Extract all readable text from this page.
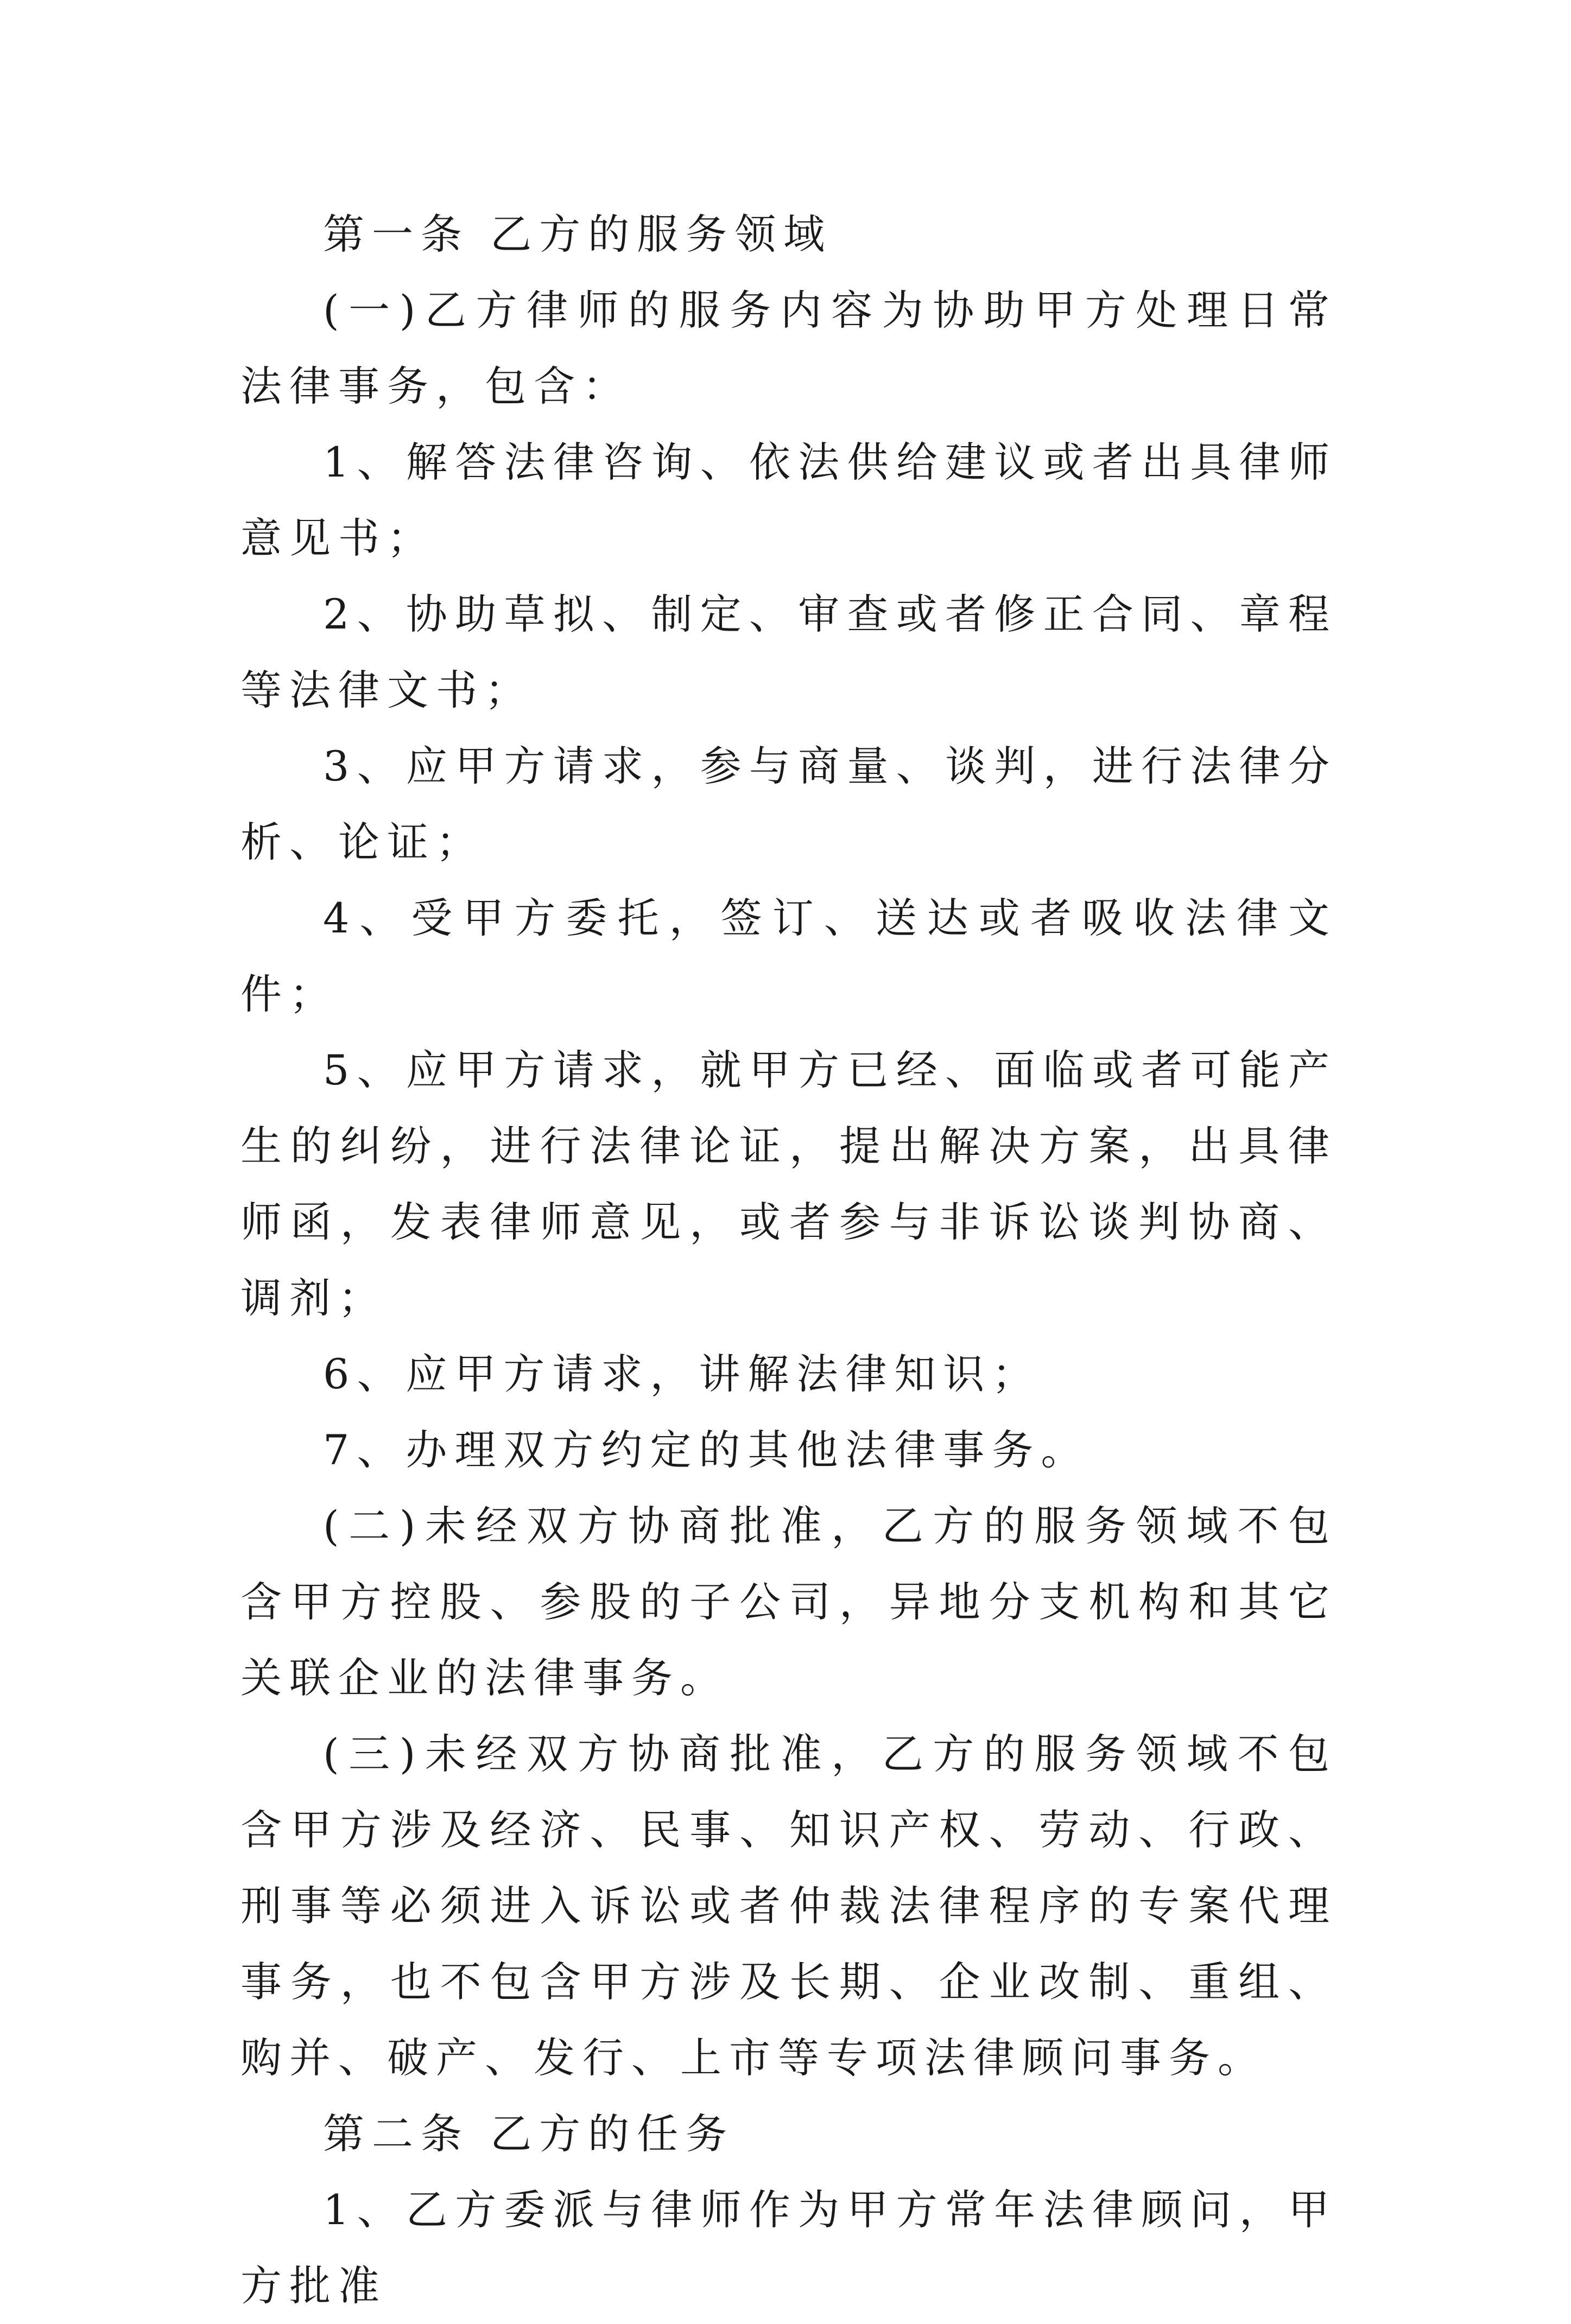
第一条 乙方的服务领域

(一)乙方律师的服务内容为协助甲方处理日常法律事务，包含：

1、解答法律咨询、依法供给建议或者出具律师意见书；

2、协助草拟、制定、审查或者修正合同、章程等法律文书；

3、应甲方请求，参与商量、谈判，进行法律分析、论证；

4、受甲方委托，签订、送达或者吸收法律文件；

5、应甲方请求，就甲方已经、面临或者可能产生的纠纷，进行法律论证，提出解决方案，出具律师函，发表律师意见，或者参与非诉讼谈判协商、调剂；

6、应甲方请求，讲解法律知识；

7、办理双方约定的其他法律事务。

(二)未经双方协商批准，乙方的服务领域不包含甲方控股、参股的子公司，异地分支机构和其它关联企业的法律事务。

(三)未经双方协商批准，乙方的服务领域不包含甲方涉及经济、民事、知识产权、劳动、行政、刑事等必须进入诉讼或者仲裁法律程序的专案代理事务，也不包含甲方涉及长期、企业改制、重组、购并、破产、发行、上市等专项法律顾问事务。

第二条 乙方的任务

1、乙方委派与律师作为甲方常年法律顾问，甲方批准
